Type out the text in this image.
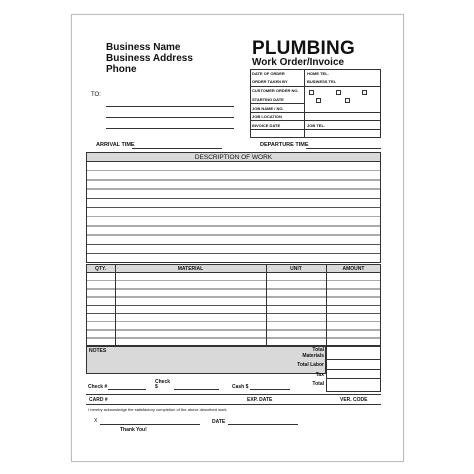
Business Name
Business Address
Phone
PLUMBING
Work Order/Invoice
TO:
DATE OF ORDER	HOME TEL.
ORDER TAKEN BY	BUSINESS TEL
CUSTOMER ORDER NO.
STARTING DATE
JOB NAME / NO.
JOB LOCATION
INVOICE DATE	JOB TEL.
ARRIVAL TIME	DEPARTURE TIME
DESCRIPTION OF WORK
QTY.	MATERIAL	UNIT	AMOUNT
NOTES	Total Materials
Total Labor
Tax
Total
Check #
Check $	Cash $
CARD #	EXP. DATE	VER. CODE
I hereby acknowledge the satisfactory completion of the above described work.
X	DATE
Thank You!
